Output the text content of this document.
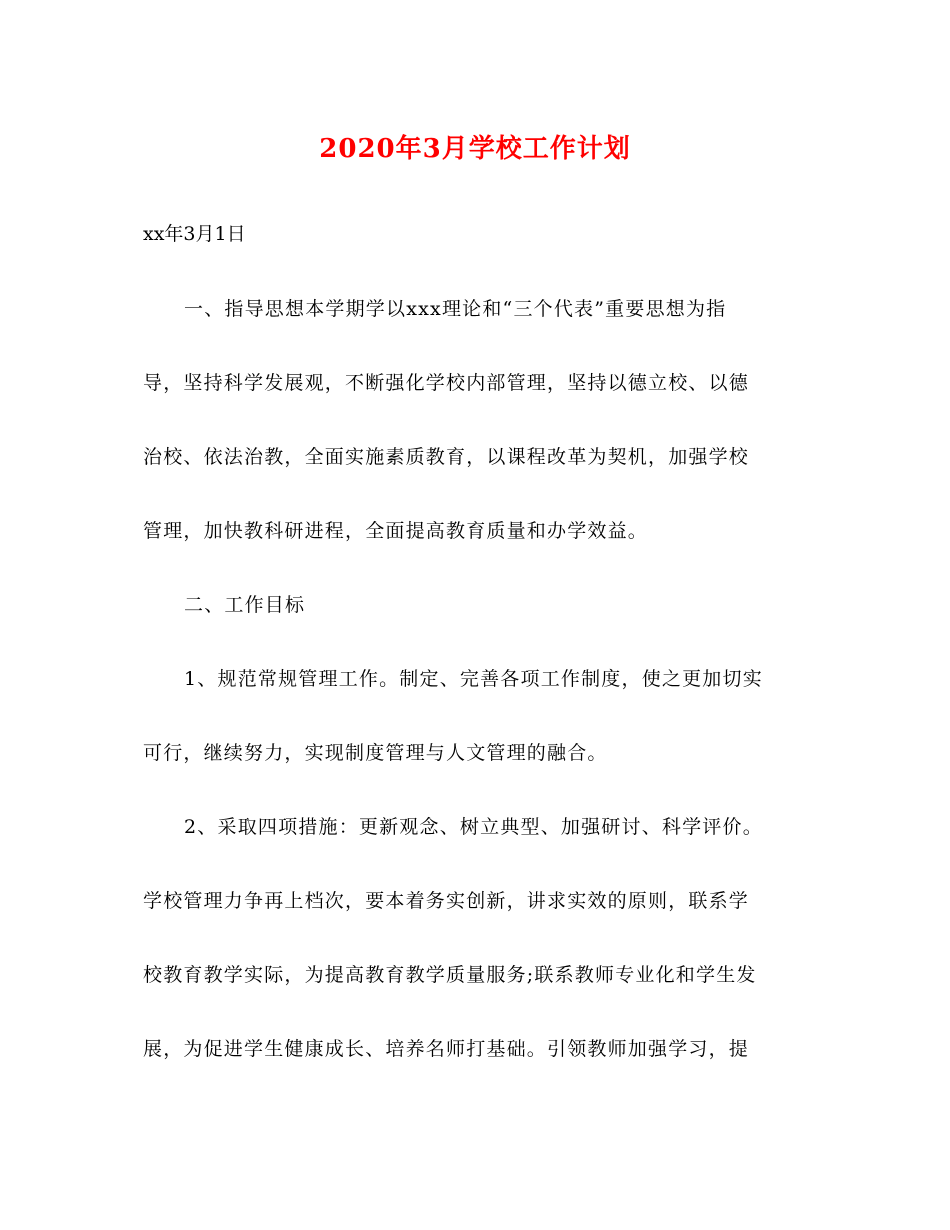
2020年3月学校工作计划
xx年3月1日
一、指导思想本学期学以xxx理论和“三个代表”重要思想为指
导，坚持科学发展观，不断强化学校内部管理，坚持以德立校、以德
治校、依法治教，全面实施素质教育，以课程改革为契机，加强学校
管理，加快教科研进程，全面提高教育质量和办学效益。
二、工作目标
1、规范常规管理工作。制定、完善各项工作制度，使之更加切实
可行，继续努力，实现制度管理与人文管理的融合。
2、采取四项措施：更新观念、树立典型、加强研讨、科学评价。
学校管理力争再上档次，要本着务实创新，讲求实效的原则，联系学
校教育教学实际，为提高教育教学质量服务;联系教师专业化和学生发
展，为促进学生健康成长、培养名师打基础。引领教师加强学习，提
